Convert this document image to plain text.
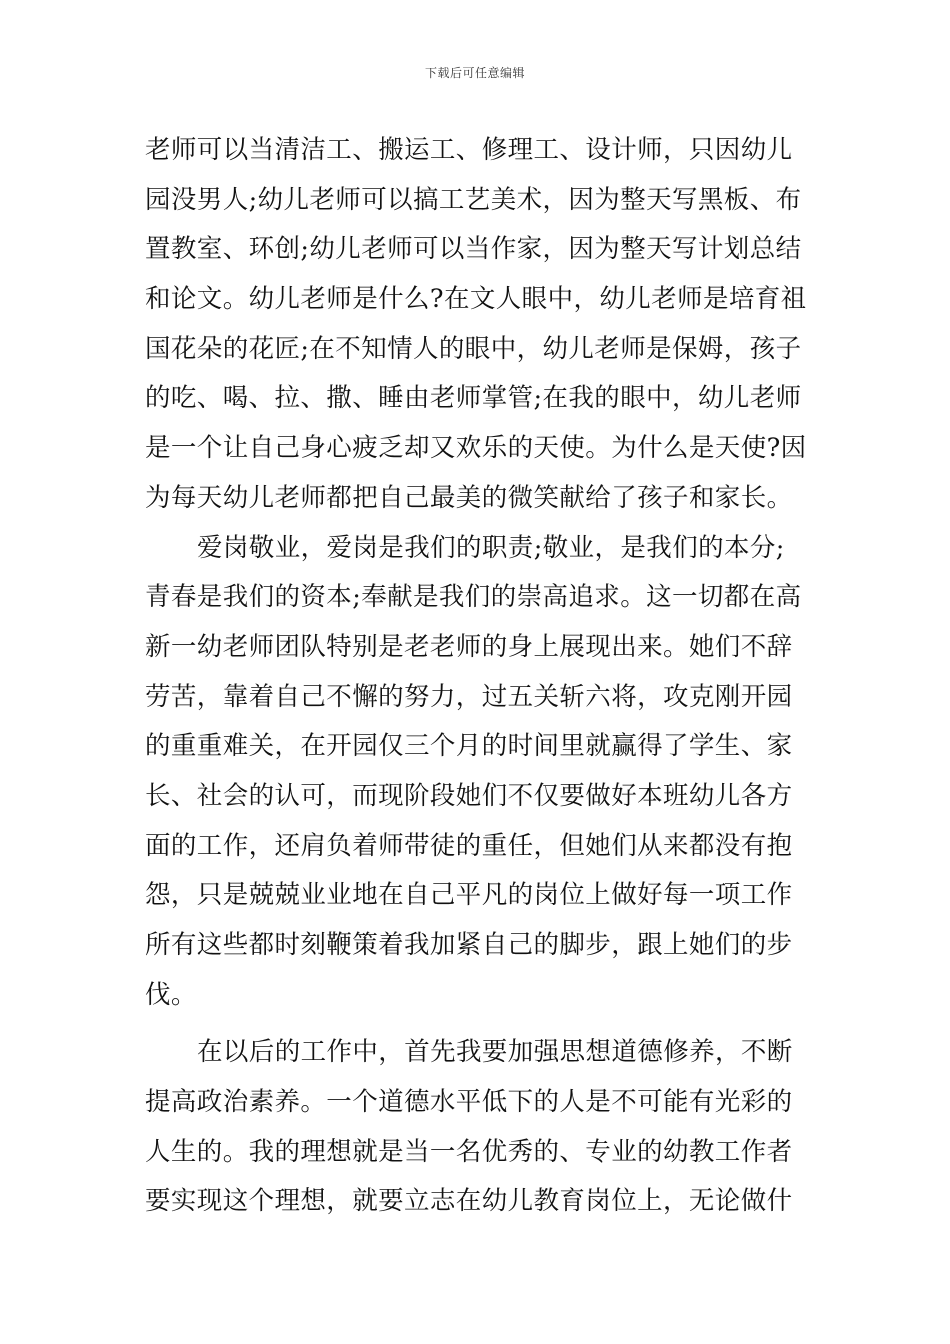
下载后可任意编辑
老师可以当清洁工、搬运工、修理工、设计师，只因幼儿
园没男人;幼儿老师可以搞工艺美术，因为整天写黑板、布
置教室、环创;幼儿老师可以当作家，因为整天写计划总结
和论文。幼儿老师是什么?在文人眼中，幼儿老师是培育祖
国花朵的花匠;在不知情人的眼中，幼儿老师是保姆，孩子
的吃、喝、拉、撒、睡由老师掌管;在我的眼中，幼儿老师
是一个让自己身心疲乏却又欢乐的天使。为什么是天使?因
为每天幼儿老师都把自己最美的微笑献给了孩子和家长。
爱岗敬业，爱岗是我们的职责;敬业，是我们的本分;
青春是我们的资本;奉献是我们的崇高追求。这一切都在高
新一幼老师团队特别是老老师的身上展现出来。她们不辞
劳苦，靠着自己不懈的努力，过五关斩六将，攻克刚开园
的重重难关，在开园仅三个月的时间里就赢得了学生、家
长、社会的认可，而现阶段她们不仅要做好本班幼儿各方
面的工作，还肩负着师带徒的重任，但她们从来都没有抱
怨，只是兢兢业业地在自己平凡的岗位上做好每一项工作
所有这些都时刻鞭策着我加紧自己的脚步，跟上她们的步
伐。
在以后的工作中，首先我要加强思想道德修养，不断
提高政治素养。一个道德水平低下的人是不可能有光彩的
人生的。我的理想就是当一名优秀的、专业的幼教工作者
要实现这个理想，就要立志在幼儿教育岗位上，无论做什
